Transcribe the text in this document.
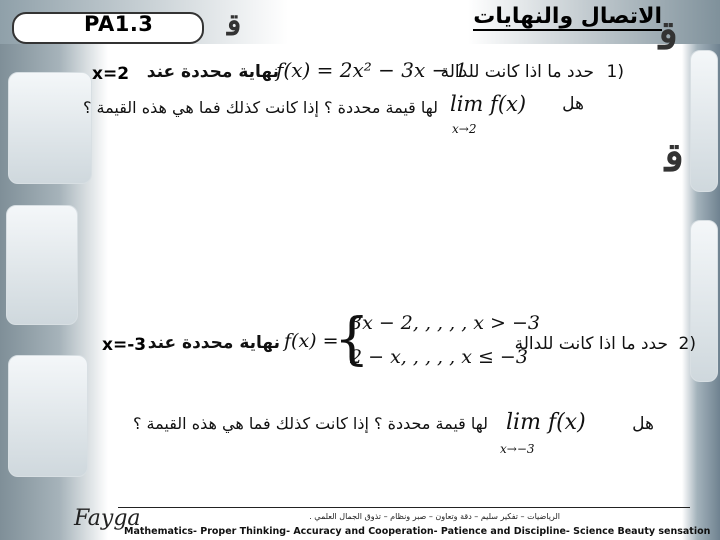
PA1.3	الاتصال والنهايات
ﻗ	ﻗ
ﻗ
(1
حدد ما اذا كانت للدالة
f(x) = 2x² − 3x − 1
نهاية محددة عند
x=2
هل
lim f(x)
x→2
لها قيمة محددة ؟ إذا كانت كذلك فما هي هذه القيمة ؟
(2
حدد ما اذا كانت للدالة
f(x) =
{
3x − 2, , , , , x > −3
2 − x, , , , , x ≤ −3
نهاية محددة عند
x=-3
هل
lim f(x)
x→−3
لها قيمة محددة ؟ إذا كانت كذلك فما هي هذه القيمة ؟
الرياضيات – تفكير سليم – دقة وتعاون – صبر ونظام – تذوق الجمال العلمي .
Mathematics- Proper Thinking- Accuracy and Cooperation- Patience and Discipline- Science Beauty sensation
Fayga
